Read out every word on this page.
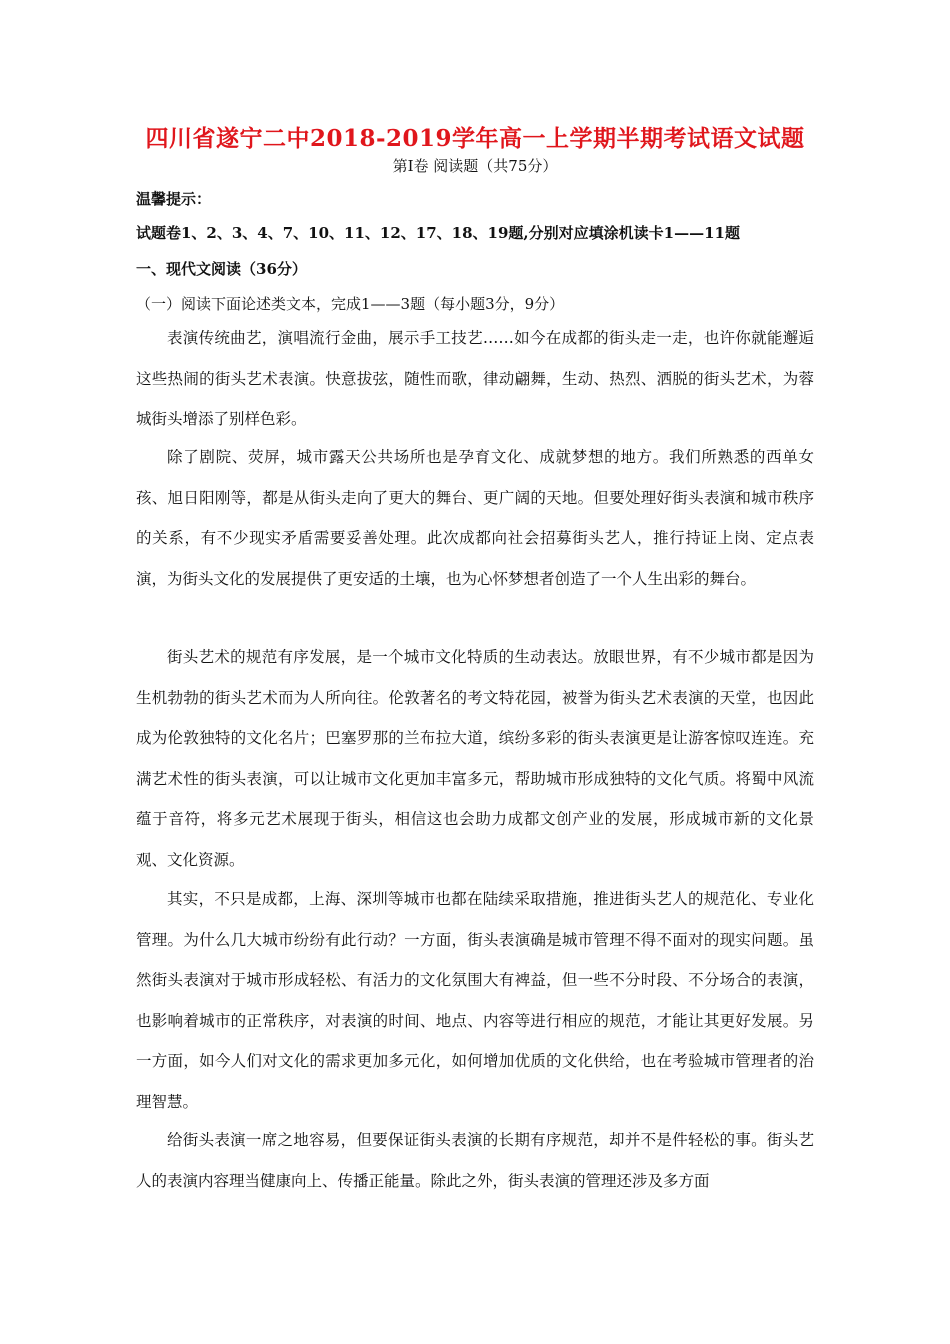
四川省遂宁二中2018-2019学年高一上学期半期考试语文试题
第Ⅰ卷 阅读题（共75分）
温馨提示：
试题卷1、2、3、4、7、10、11、12、17、18、19题,分别对应填涂机读卡1——11题
一、现代文阅读（36分）
（一）阅读下面论述类文本，完成1——3题（每小题3分，9分）

表演传统曲艺，演唱流行金曲，展示手工技艺……如今在成都的街头走一走，也许你就能邂逅这些热闹的街头艺术表演。快意拔弦，随性而歌，律动翩舞，生动、热烈、洒脱的街头艺术，为蓉城街头增添了别样色彩。

除了剧院、荧屏，城市露天公共场所也是孕育文化、成就梦想的地方。我们所熟悉的西单女孩、旭日阳刚等，都是从街头走向了更大的舞台、更广阔的天地。但要处理好街头表演和城市秩序的关系，有不少现实矛盾需要妥善处理。此次成都向社会招募街头艺人，推行持证上岗、定点表演，为街头文化的发展提供了更安适的土壤，也为心怀梦想者创造了一个人生出彩的舞台。

街头艺术的规范有序发展，是一个城市文化特质的生动表达。放眼世界，有不少城市都是因为生机勃勃的街头艺术而为人所向往。伦敦著名的考文特花园，被誉为街头艺术表演的天堂，也因此成为伦敦独特的文化名片；巴塞罗那的兰布拉大道，缤纷多彩的街头表演更是让游客惊叹连连。充满艺术性的街头表演，可以让城市文化更加丰富多元，帮助城市形成独特的文化气质。将蜀中风流蕴于音符，将多元艺术展现于街头，相信这也会助力成都文创产业的发展，形成城市新的文化景观、文化资源。

其实，不只是成都，上海、深圳等城市也都在陆续采取措施，推进街头艺人的规范化、专业化管理。为什么几大城市纷纷有此行动？一方面，街头表演确是城市管理不得不面对的现实问题。虽然街头表演对于城市形成轻松、有活力的文化氛围大有裨益，但一些不分时段、不分场合的表演，也影响着城市的正常秩序，对表演的时间、地点、内容等进行相应的规范，才能让其更好发展。另一方面，如今人们对文化的需求更加多元化，如何增加优质的文化供给，也在考验城市管理者的治理智慧。

给街头表演一席之地容易，但要保证街头表演的长期有序规范，却并不是件轻松的事。街头艺人的表演内容理当健康向上、传播正能量。除此之外，街头表演的管理还涉及多方面
